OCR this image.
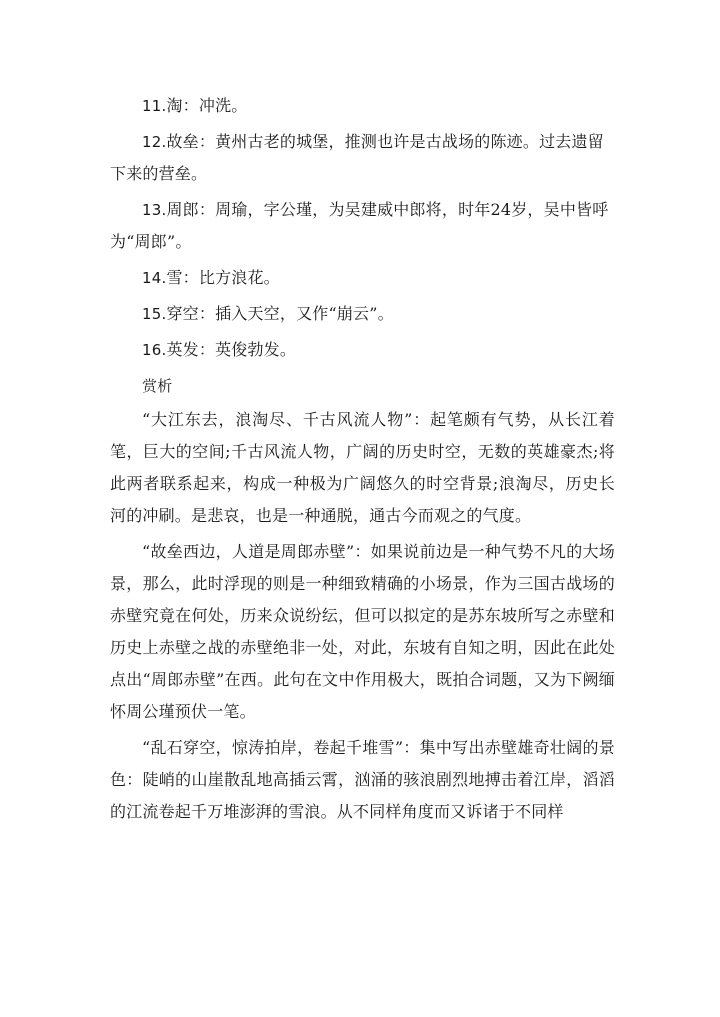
11.淘：冲洗。

12.故垒：黄州古老的城堡，推测也许是古战场的陈迹。过去遗留下来的营垒。

13.周郎：周瑜，字公瑾，为吴建威中郎将，时年24岁，吴中皆呼为“周郎”。

14.雪：比方浪花。

15.穿空：插入天空，又作“崩云”。

16.英发：英俊勃发。

赏析

“大江东去，浪淘尽、千古风流人物”：起笔颇有气势，从长江着笔，巨大的空间;千古风流人物，广阔的历史时空，无数的英雄豪杰;将此两者联系起来，构成一种极为广阔悠久的时空背景;浪淘尽，历史长河的冲刷。是悲哀，也是一种通脱，通古今而观之的气度。

“故垒西边，人道是周郎赤壁”：如果说前边是一种气势不凡的大场景，那么，此时浮现的则是一种细致精确的小场景，作为三国古战场的赤壁究竟在何处，历来众说纷纭，但可以拟定的是苏东坡所写之赤壁和历史上赤壁之战的赤壁绝非一处，对此，东坡有自知之明，因此在此处点出“周郎赤壁”在西。此句在文中作用极大，既拍合词题，又为下阙缅怀周公瑾预伏一笔。

“乱石穿空，惊涛拍岸，卷起千堆雪”：集中写出赤壁雄奇壮阔的景色：陡峭的山崖散乱地高插云霄，汹涌的骇浪剧烈地搏击着江岸，滔滔的江流卷起千万堆澎湃的雪浪。从不同样角度而又诉诸于不同样
